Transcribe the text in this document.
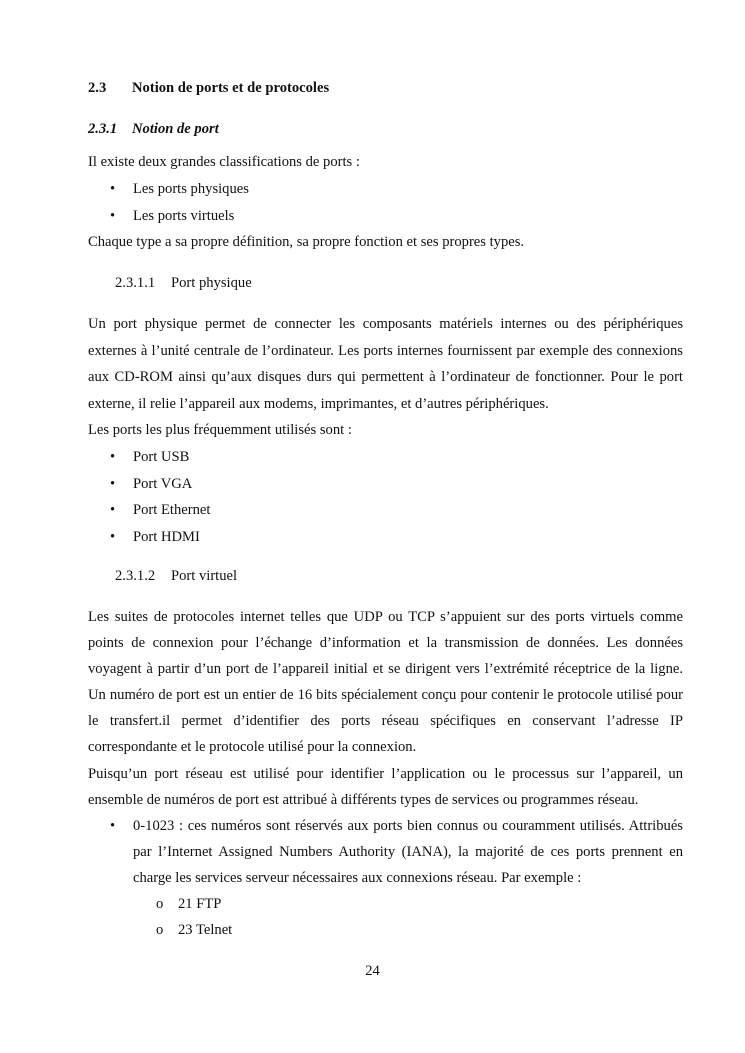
2.3 Notion de ports et de protocoles
2.3.1 Notion de port
Il existe deux grandes classifications de ports :
• Les ports physiques
• Les ports virtuels
Chaque type a sa propre définition, sa propre fonction et ses propres types.
2.3.1.1 Port physique
Un port physique permet de connecter les composants matériels internes ou des périphériques externes à l’unité centrale de l’ordinateur. Les ports internes fournissent par exemple des connexions aux CD-ROM ainsi qu’aux disques durs qui permettent à l’ordinateur de fonctionner. Pour le port externe, il relie l’appareil aux modems, imprimantes, et d’autres périphériques.
Les ports les plus fréquemment utilisés sont :
• Port USB
• Port VGA
• Port Ethernet
• Port HDMI
2.3.1.2 Port virtuel
Les suites de protocoles internet telles que UDP ou TCP s’appuient sur des ports virtuels comme points de connexion pour l’échange d’information et la transmission de données. Les données voyagent à partir d’un port de l’appareil initial et se dirigent vers l’extrémité réceptrice de la ligne. Un numéro de port est un entier de 16 bits spécialement conçu pour contenir le protocole utilisé pour le transfert.il permet d’identifier des ports réseau spécifiques en conservant l’adresse IP correspondante et le protocole utilisé pour la connexion.
Puisqu’un port réseau est utilisé pour identifier l’application ou le processus sur l’appareil, un ensemble de numéros de port est attribué à différents types de services ou programmes réseau.
• 0-1023 : ces numéros sont réservés aux ports bien connus ou couramment utilisés. Attribués par l’Internet Assigned Numbers Authority (IANA), la majorité de ces ports prennent en charge les services serveur nécessaires aux connexions réseau. Par exemple :
o 21 FTP
o 23 Telnet
24
